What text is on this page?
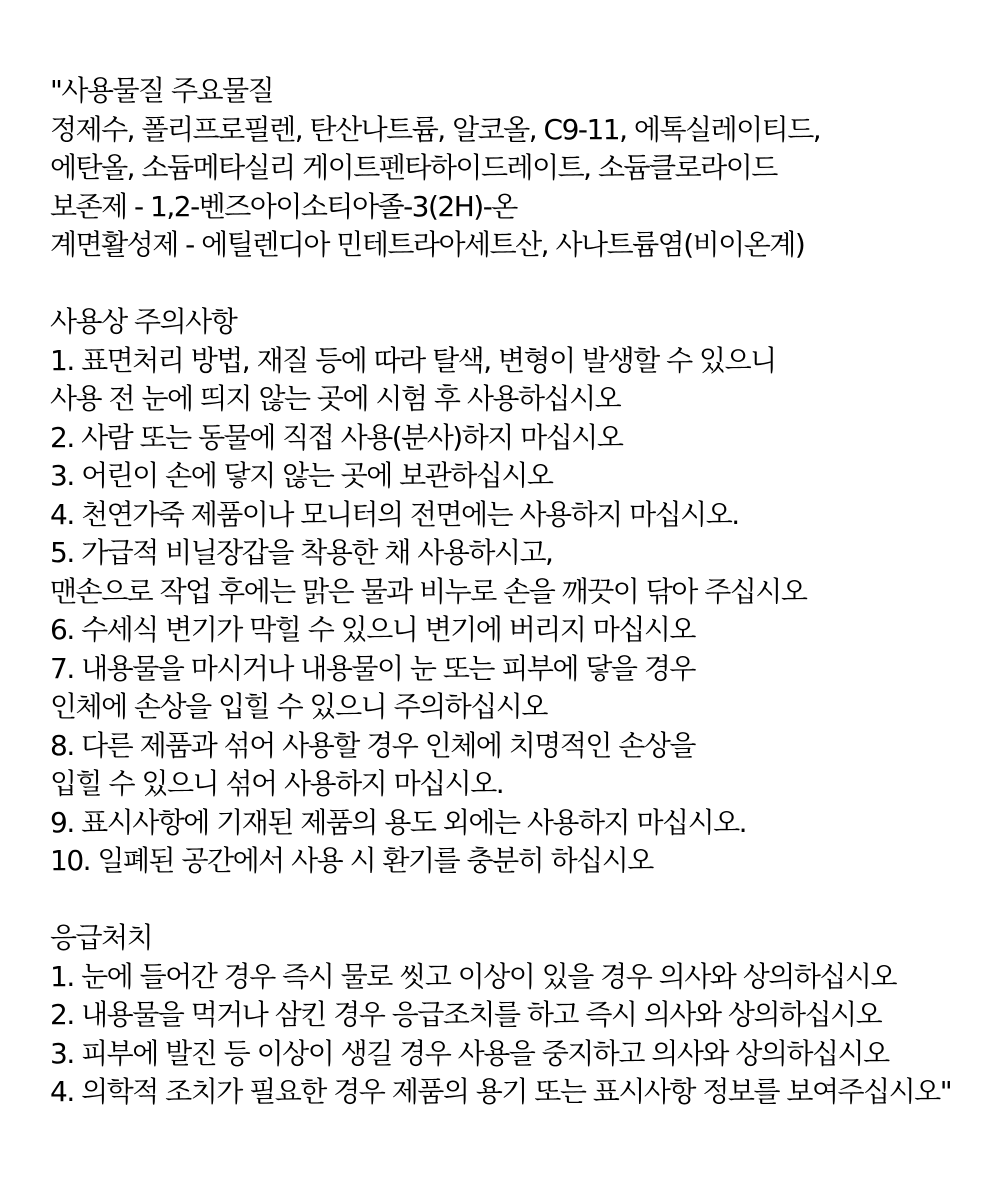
"사용물질 주요물질
정제수, 폴리프로필렌, 탄산나트륨, 알코올, C9-11, 에톡실레이티드,
에탄올, 소듐메타실리 게이트펜타하이드레이트, 소듐클로라이드
보존제 - 1,2-벤즈아이소티아졸-3(2H)-온
계면활성제 - 에틸렌디아 민테트라아세트산, 사나트륨염(비이온계)
사용상 주의사항
1. 표면처리 방법, 재질 등에 따라 탈색, 변형이 발생할 수 있으니
사용 전 눈에 띄지 않는 곳에 시험 후 사용하십시오
2. 사람 또는 동물에 직접 사용(분사)하지 마십시오
3. 어린이 손에 닿지 않는 곳에 보관하십시오
4. 천연가죽 제품이나 모니터의 전면에는 사용하지 마십시오.
5. 가급적 비닐장갑을 착용한 채 사용하시고,
맨손으로 작업 후에는 맑은 물과 비누로 손을 깨끗이 닦아 주십시오
6. 수세식 변기가 막힐 수 있으니 변기에 버리지 마십시오
7. 내용물을 마시거나 내용물이 눈 또는 피부에 닿을 경우
인체에 손상을 입힐 수 있으니 주의하십시오
8. 다른 제품과 섞어 사용할 경우 인체에 치명적인 손상을
입힐 수 있으니 섞어 사용하지 마십시오.
9. 표시사항에 기재된 제품의 용도 외에는 사용하지 마십시오.
10. 일폐된 공간에서 사용 시 환기를 충분히 하십시오
응급처치
1. 눈에 들어간 경우 즉시 물로 씻고 이상이 있을 경우 의사와 상의하십시오
2. 내용물을 먹거나 삼킨 경우 응급조치를 하고 즉시 의사와 상의하십시오
3. 피부에 발진 등 이상이 생길 경우 사용을 중지하고 의사와 상의하십시오
4. 의학적 조치가 필요한 경우 제품의 용기 또는 표시사항 정보를 보여주십시오"
